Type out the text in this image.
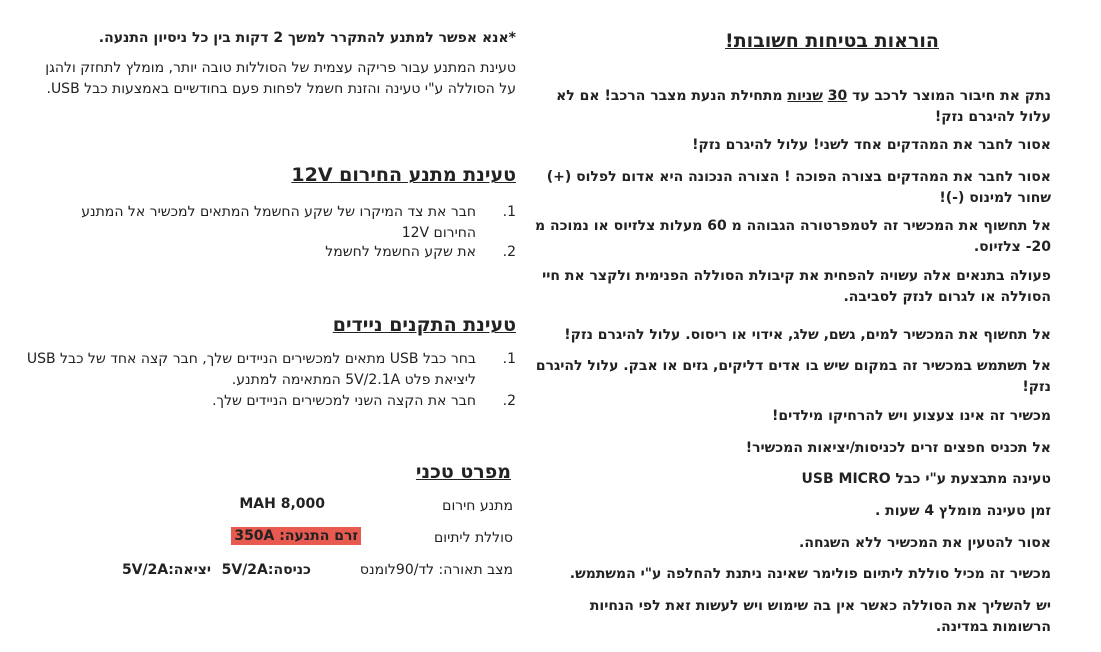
הוראות בטיחות חשובות!
נתק את חיבור המוצר לרכב עד 30 שניות מתחילת הנעת מצבר הרכב! אם לא עלול להיגרם נזק!
אסור לחבר את המהדקים אחד לשני! עלול להיגרם נזק!
אסור לחבר את המהדקים בצורה הפוכה ! הצורה הנכונה היא אדום לפלוס (+) שחור למינוס (-)!
אל תחשוף את המכשיר זה לטמפרטורה הגבוהה מ 60 מעלות צלזיוס או נמוכה מ 20- צלזיוס.
פעולה בתנאים אלה עשויה להפחית את קיבולת הסוללה הפנימית ולקצר את חיי הסוללה או לגרום לנזק לסביבה.
אל תחשוף את המכשיר למים, גשם, שלג, אידוי או ריסוס. עלול להיגרם נזק!
אל תשתמש במכשיר זה במקום שיש בו אדים דליקים, גזים או אבק. עלול להיגרם נזק!
מכשיר זה אינו צעצוע ויש להרחיקו מילדים!
אל תכניס חפצים זרים לכניסות/יציאות המכשיר!
טעינה מתבצעת ע"י כבל USB MICRO
זמן טעינה מומלץ 4 שעות .
אסור להטעין את המכשיר ללא השגחה.
מכשיר זה מכיל סוללת ליתיום פולימר שאינה ניתנת להחלפה ע"י המשתמש.
יש להשליך את הסוללה כאשר אין בה שימוש ויש לעשות זאת לפי הנחיות הרשומות במדינה.
*אנא אפשר למתנע להתקרר למשך 2 דקות בין כל ניסיון התנעה.
טעינת המתנע עבור פריקה עצמית של הסוללות טובה יותר, מומלץ לתחזק ולהגן על הסוללה ע"י טעינה והזנת חשמל לפחות פעם בחודשיים באמצעות כבל USB.
טעינת מתנע החירום 12V
חבר את צד המיקרו של שקע החשמל המתאים למכשיר אל המתנע החירום 12V
1.
את שקע החשמל לחשמל	2.
טעינת התקנים ניידים
בחר כבל USB מתאים למכשירים הניידים שלך, חבר קצה אחד של כבל USB ליציאת פלט 5V/2.1A המתאימה למתנע.
1.
חבר את הקצה השני למכשירים הניידים שלך.	2.
מפרט טכני
מתנע חירום
MAH 8,000
סוללת ליתיום
זרם התנעה: 350A
מצב תאורה: לד/90לומנס
כניסה:5V/2A
יציאה:5V/2A
